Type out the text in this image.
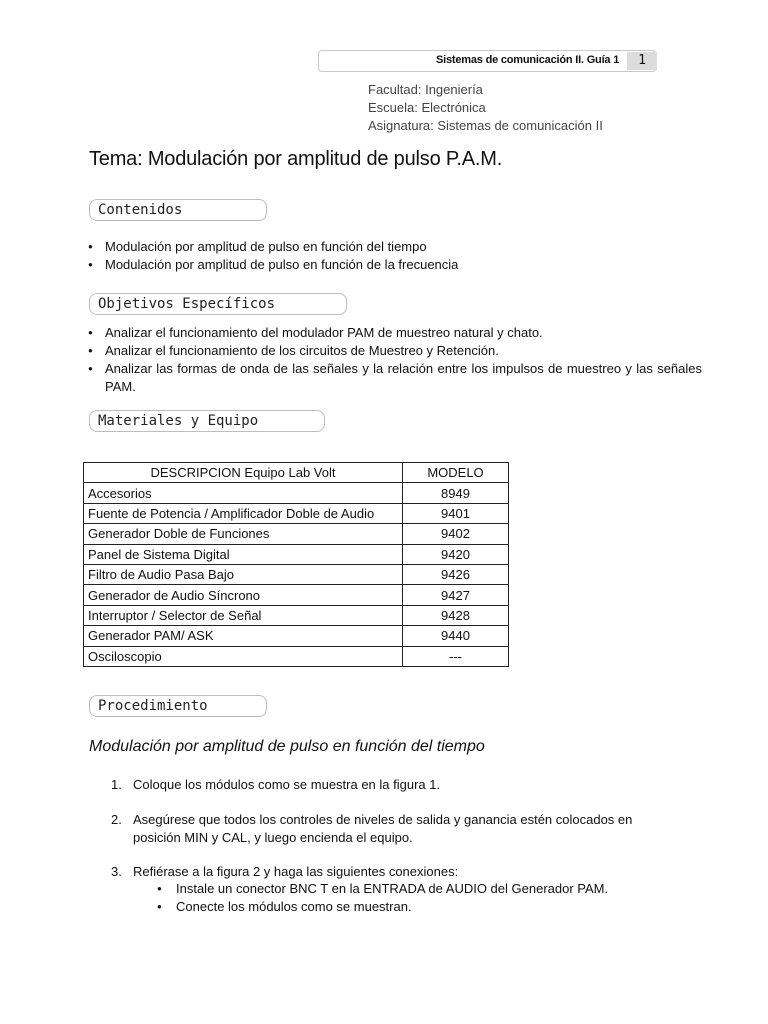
Sistemas de comunicación II. Guía 1	1
Facultad: Ingeniería
Escuela: Electrónica
Asignatura: Sistemas de comunicación II
Tema: Modulación por amplitud de pulso P.A.M.
Contenidos
● Modulación por amplitud de pulso en función del tiempo
● Modulación por amplitud de pulso en función de la frecuencia
Objetivos Específicos
● Analizar el funcionamiento del modulador PAM de muestreo natural y chato.
● Analizar el funcionamiento de los circuitos de Muestreo y Retención.
● Analizar las formas de onda de las señales y la relación entre los impulsos de muestreo y las señales PAM.
Materiales y Equipo
DESCRIPCION Equipo Lab Volt	MODELO
Accesorios	8949
Fuente de Potencia / Amplificador Doble de Audio	9401
Generador Doble de Funciones	9402
Panel de Sistema Digital	9420
Filtro de Audio Pasa Bajo	9426
Generador de Audio Síncrono	9427
Interruptor / Selector de Señal	9428
Generador PAM/ ASK	9440
Osciloscopio	---
Procedimiento
Modulación por amplitud de pulso en función del tiempo
1. Coloque los módulos como se muestra en la figura 1.
2. Asegúrese que todos los controles de niveles de salida y ganancia estén colocados en posición MIN y CAL, y luego encienda el equipo.
3. Refiérase a la figura 2 y haga las siguientes conexiones:
● Instale un conector BNC T en la ENTRADA de AUDIO del Generador PAM.
● Conecte los módulos como se muestran.
